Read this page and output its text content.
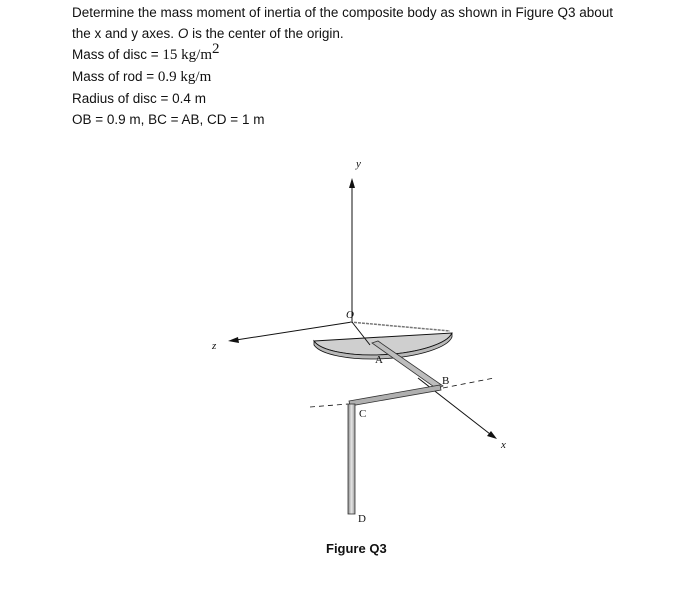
Determine the mass moment of inertia of the composite body as shown in Figure Q3 about

the x and y axes. O is the center of the origin.

Mass of disc = 15 $kg/m^2$

Mass of rod = 0.9 kg/m

Radius of disc = 0.4 m

OB = 0.9 m, BC = AB, CD = 1 m

y
z
x
O
A
B
C
D
Figure Q3
